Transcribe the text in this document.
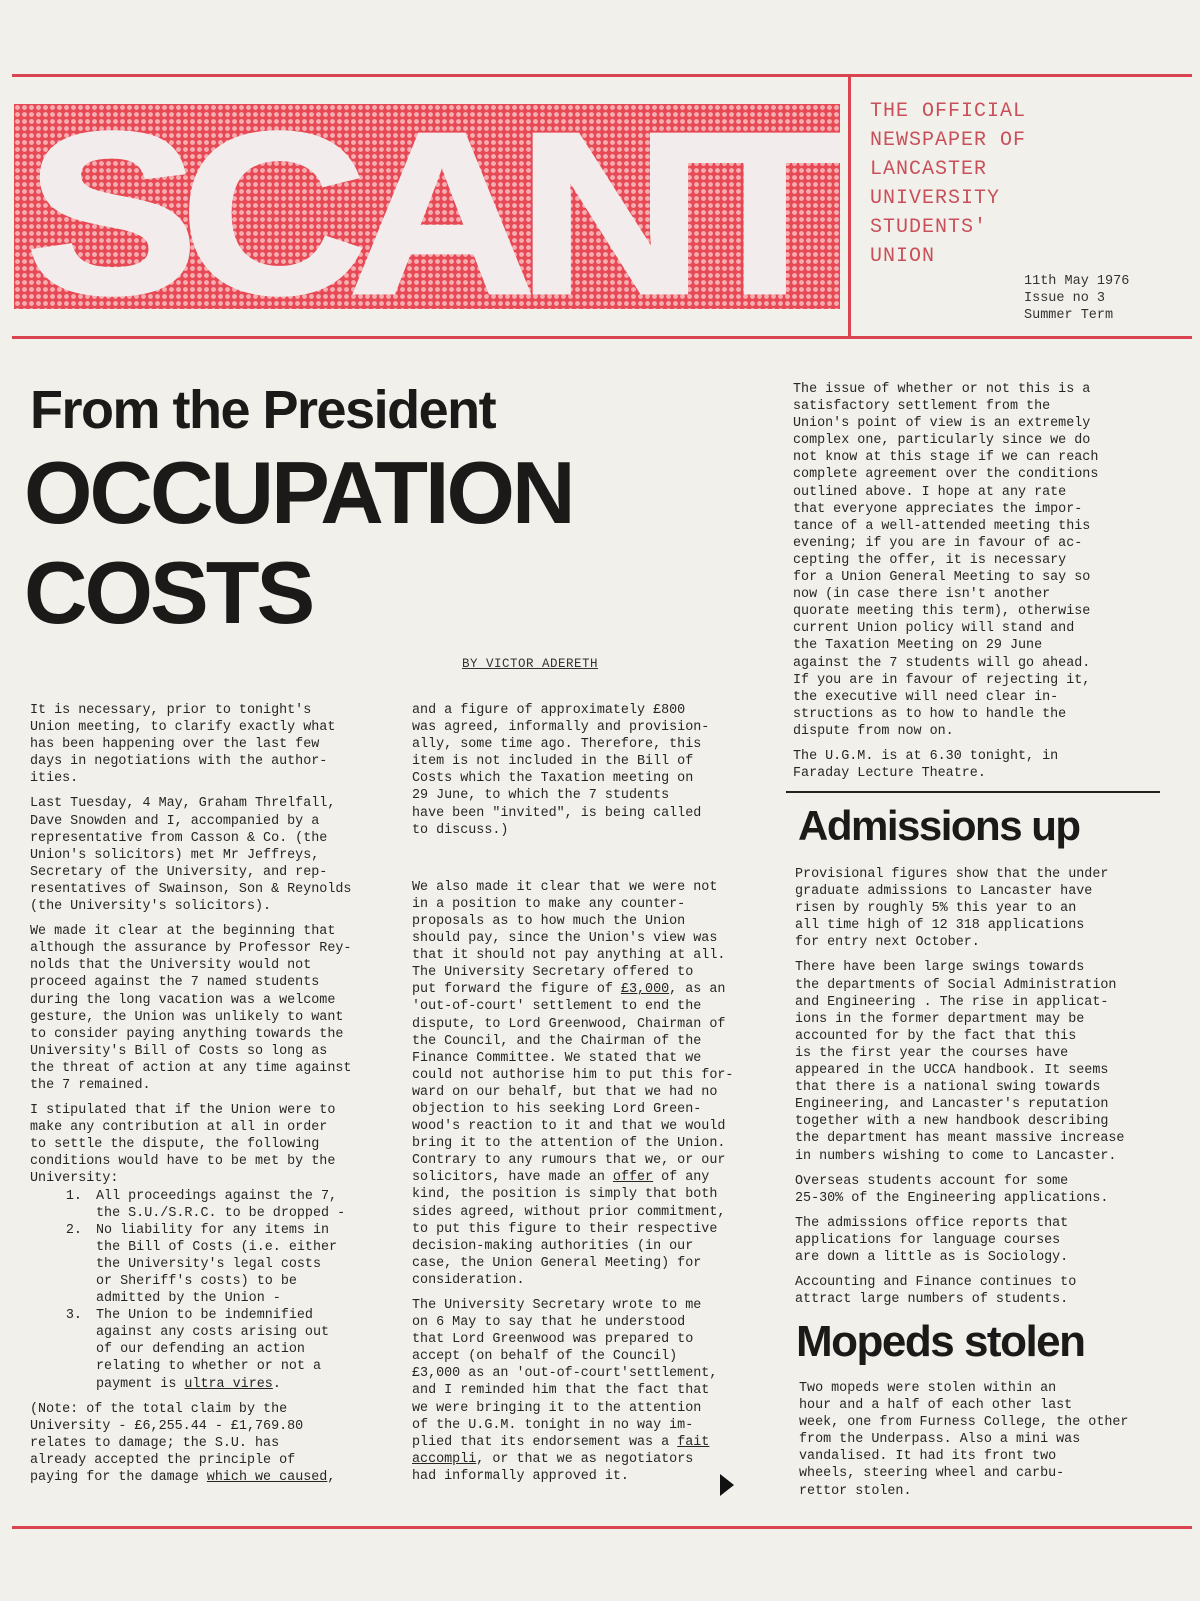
SCANT THE OFFICIAL
NEWSPAPER OF
LANCASTER
UNIVERSITY
STUDENTS'
UNION
11th May 1976
Issue no 3
Summer Term
From the President
OCCUPATION
COSTS
BY VICTOR ADERETH

It is necessary, prior to tonight's
Union meeting, to clarify exactly what
has been happening over the last few
days in negotiations with the author-
ities.

Last Tuesday, 4 May, Graham Threlfall,
Dave Snowden and I, accompanied by a
representative from Casson & Co. (the
Union's solicitors) met Mr Jeffreys,
Secretary of the University, and rep-
resentatives of Swainson, Son & Reynolds
(the University's solicitors).

We made it clear at the beginning that
although the assurance by Professor Rey-
nolds that the University would not
proceed against the 7 named students
during the long vacation was a welcome
gesture, the Union was unlikely to want
to consider paying anything towards the
University's Bill of Costs so long as
the threat of action at any time against
the 7 remained.

I stipulated that if the Union were to
make any contribution at all in order
to settle the dispute, the following
conditions would have to be met by the
University:

1. All proceedings against the 7,
the S.U./S.R.C. to be dropped -
2. No liability for any items in
the Bill of Costs (i.e. either
the University's legal costs
or Sheriff's costs) to be
admitted by the Union -
3. The Union to be indemnified
against any costs arising out
of our defending an action
relating to whether or not a
payment is ultra vires.

(Note: of the total claim by the
University - £6,255.44 - £1,769.80
relates to damage; the S.U. has
already accepted the principle of
paying for the damage which we caused,

and a figure of approximately £800
was agreed, informally and provision-
ally, some time ago. Therefore, this
item is not included in the Bill of
Costs which the Taxation meeting on
29 June, to which the 7 students
have been "invited", is being called
to discuss.)

We also made it clear that we were not
in a position to make any counter-
proposals as to how much the Union
should pay, since the Union's view was
that it should not pay anything at all.
The University Secretary offered to
put forward the figure of £3,000, as an
'out-of-court' settlement to end the
dispute, to Lord Greenwood, Chairman of
the Council, and the Chairman of the
Finance Committee. We stated that we
could not authorise him to put this for-
ward on our behalf, but that we had no
objection to his seeking Lord Green-
wood's reaction to it and that we would
bring it to the attention of the Union.
Contrary to any rumours that we, or our
solicitors, have made an offer of any
kind, the position is simply that both
sides agreed, without prior commitment,
to put this figure to their respective
decision-making authorities (in our
case, the Union General Meeting) for
consideration.

The University Secretary wrote to me
on 6 May to say that he understood
that Lord Greenwood was prepared to
accept (on behalf of the Council)
£3,000 as an 'out-of-court'settlement,
and I reminded him that the fact that
we were bringing it to the attention
of the U.G.M. tonight in no way im-
plied that its endorsement was a fait
accompli, or that we as negotiators
had informally approved it.

The issue of whether or not this is a
satisfactory settlement from the
Union's point of view is an extremely
complex one, particularly since we do
not know at this stage if we can reach
complete agreement over the conditions
outlined above. I hope at any rate
that everyone appreciates the impor-
tance of a well-attended meeting this
evening; if you are in favour of ac-
cepting the offer, it is necessary
for a Union General Meeting to say so
now (in case there isn't another
quorate meeting this term), otherwise
current Union policy will stand and
the Taxation Meeting on 29 June
against the 7 students will go ahead.
If you are in favour of rejecting it,
the executive will need clear in-
structions as to how to handle the
dispute from now on.

The U.G.M. is at 6.30 tonight, in
Faraday Lecture Theatre.

Admissions up

Provisional figures show that the under
graduate admissions to Lancaster have
risen by roughly 5% this year to an
all time high of 12 318 applications
for entry next October.

There have been large swings towards
the departments of Social Administration
and Engineering . The rise in applicat-
ions in the former department may be
accounted for by the fact that this
is the first year the courses have
appeared in the UCCA handbook. It seems
that there is a national swing towards
Engineering, and Lancaster's reputation
together with a new handbook describing
the department has meant massive increase
in numbers wishing to come to Lancaster.

Overseas students account for some
25-30% of the Engineering applications.

The admissions office reports that
applications for language courses
are down a little as is Sociology.

Accounting and Finance continues to
attract large numbers of students.

Mopeds stolen

Two mopeds were stolen within an
hour and a half of each other last
week, one from Furness College, the other
from the Underpass. Also a mini was
vandalised. It had its front two
wheels, steering wheel and carbu-
rettor stolen.
